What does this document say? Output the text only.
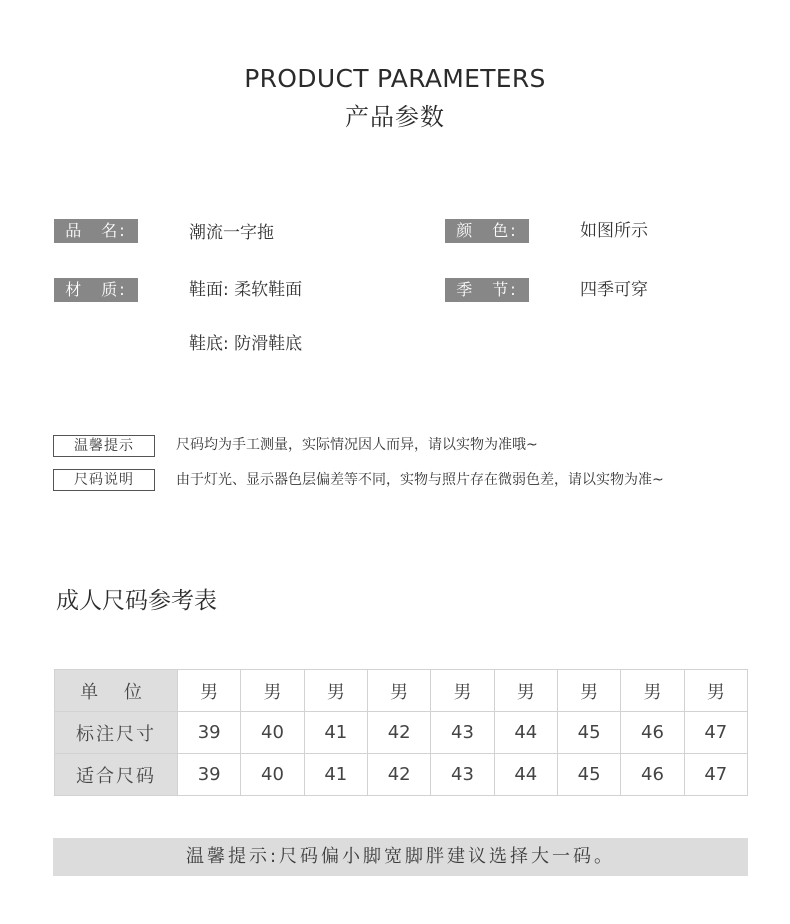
PRODUCT PARAMETERS
产品参数
品　名:	潮流一字拖	颜　色:	如图所示
材　质:	鞋面: 柔软鞋面
鞋底: 防滑鞋底
季　节:	四季可穿
温馨提示	尺码均为手工测量，实际情况因人而异，请以实物为准哦~
尺码说明	由于灯光、显示器色层偏差等不同，实物与照片存在微弱色差，请以实物为准~
成人尺码参考表
单 位	男	男	男	男	男	男	男	男	男
标注尺寸	39	40	41	42	43	44	45	46	47
适合尺码	39	40	41	42	43	44	45	46	47
温馨提示:尺码偏小脚宽脚胖建议选择大一码。
